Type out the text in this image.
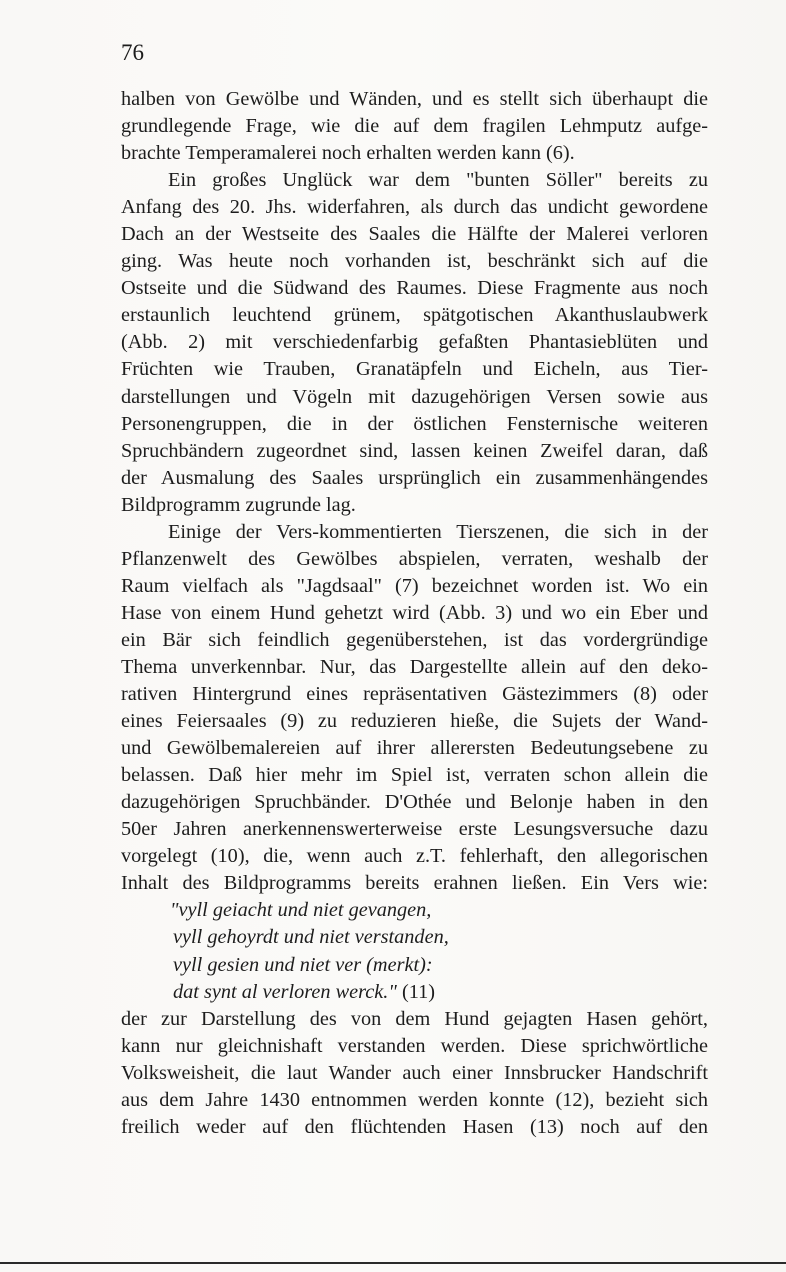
76
halben von Gewölbe und Wänden, und es stellt sich überhaupt die
grundlegende Frage, wie die auf dem fragilen Lehmputz aufge-
brachte Temperamalerei noch erhalten werden kann (6).
Ein großes Unglück war dem "bunten Söller" bereits zu
Anfang des 20. Jhs. widerfahren, als durch das undicht gewordene
Dach an der Westseite des Saales die Hälfte der Malerei verloren
ging. Was heute noch vorhanden ist, beschränkt sich auf die
Ostseite und die Südwand des Raumes. Diese Fragmente aus noch
erstaunlich leuchtend grünem, spätgotischen Akanthuslaubwerk
(Abb. 2) mit verschiedenfarbig gefaßten Phantasieblüten und
Früchten wie Trauben, Granatäpfeln und Eicheln, aus Tier-
darstellungen und Vögeln mit dazugehörigen Versen sowie aus
Personengruppen, die in der östlichen Fensternische weiteren
Spruchbändern zugeordnet sind, lassen keinen Zweifel daran, daß
der Ausmalung des Saales ursprünglich ein zusammenhängendes
Bildprogramm zugrunde lag.
Einige der Vers-kommentierten Tierszenen, die sich in der
Pflanzenwelt des Gewölbes abspielen, verraten, weshalb der
Raum vielfach als "Jagdsaal" (7) bezeichnet worden ist. Wo ein
Hase von einem Hund gehetzt wird (Abb. 3) und wo ein Eber und
ein Bär sich feindlich gegenüberstehen, ist das vordergründige
Thema unverkennbar. Nur, das Dargestellte allein auf den deko-
rativen Hintergrund eines repräsentativen Gästezimmers (8) oder
eines Feiersaales (9) zu reduzieren hieße, die Sujets der Wand-
und Gewölbemalereien auf ihrer allerersten Bedeutungsebene zu
belassen. Daß hier mehr im Spiel ist, verraten schon allein die
dazugehörigen Spruchbänder. D'Othée und Belonje haben in den
50er Jahren anerkennenswerterweise erste Lesungsversuche dazu
vorgelegt (10), die, wenn auch z.T. fehlerhaft, den allegorischen
Inhalt des Bildprogramms bereits erahnen ließen. Ein Vers wie:
"vyll geiacht und niet gevangen,
vyll gehoyrdt und niet verstanden,
vyll gesien und niet ver (merkt):
dat synt al verloren werck." (11)
der zur Darstellung des von dem Hund gejagten Hasen gehört,
kann nur gleichnishaft verstanden werden. Diese sprichwörtliche
Volksweisheit, die laut Wander auch einer Innsbrucker Handschrift
aus dem Jahre 1430 entnommen werden konnte (12), bezieht sich
freilich weder auf den flüchtenden Hasen (13) noch auf den
